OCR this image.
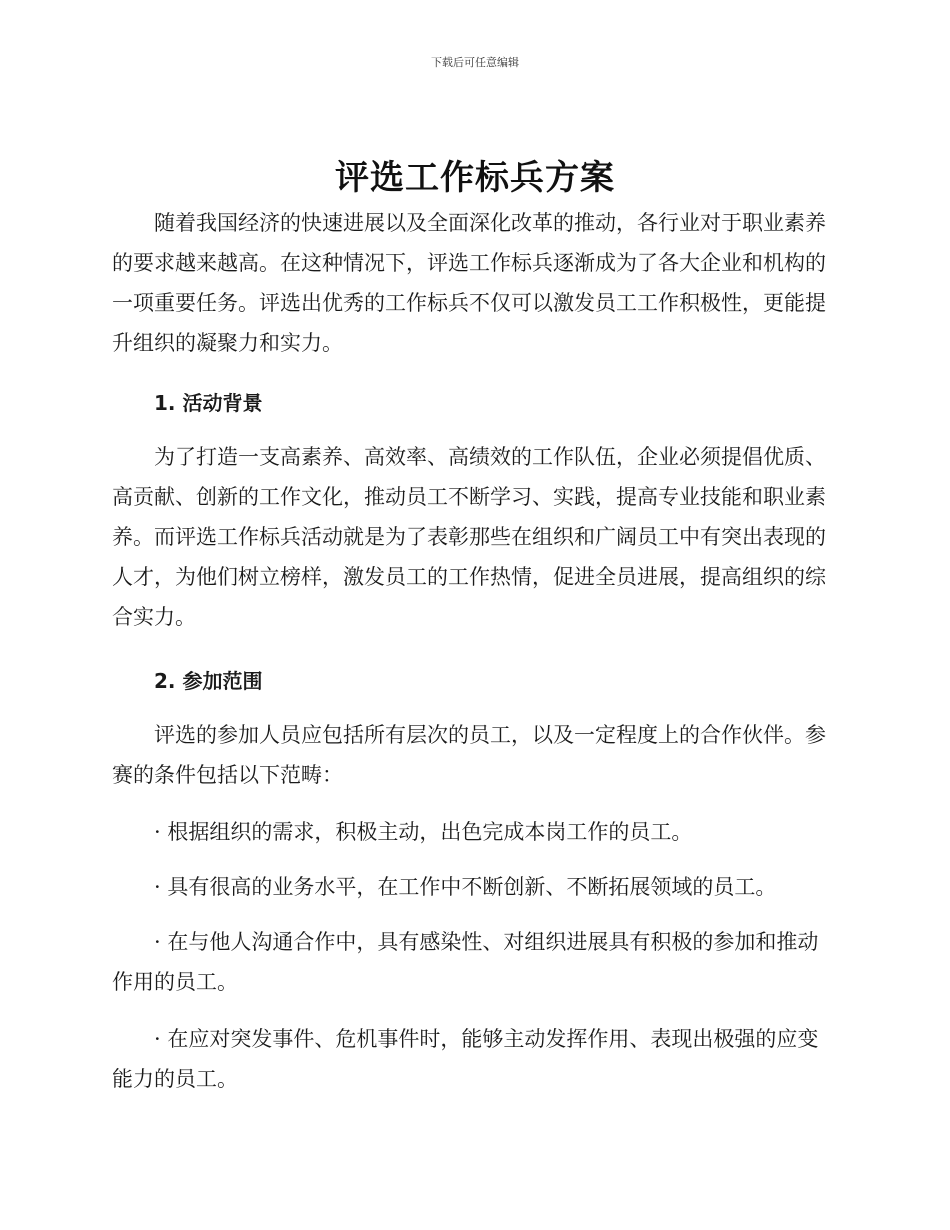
下载后可任意编辑
评选工作标兵方案

随着我国经济的快速进展以及全面深化改革的推动，各行业对于职业素养的要求越来越高。在这种情况下，评选工作标兵逐渐成为了各大企业和机构的一项重要任务。评选出优秀的工作标兵不仅可以激发员工工作积极性，更能提升组织的凝聚力和实力。

1. 活动背景

为了打造一支高素养、高效率、高绩效的工作队伍，企业必须提倡优质、高贡献、创新的工作文化，推动员工不断学习、实践，提高专业技能和职业素养。而评选工作标兵活动就是为了表彰那些在组织和广阔员工中有突出表现的人才，为他们树立榜样，激发员工的工作热情，促进全员进展，提高组织的综合实力。

2. 参加范围

评选的参加人员应包括所有层次的员工，以及一定程度上的合作伙伴。参赛的条件包括以下范畴：

· 根据组织的需求，积极主动，出色完成本岗工作的员工。

· 具有很高的业务水平，在工作中不断创新、不断拓展领域的员工。

· 在与他人沟通合作中，具有感染性、对组织进展具有积极的参加和推动作用的员工。

· 在应对突发事件、危机事件时，能够主动发挥作用、表现出极强的应变能力的员工。
